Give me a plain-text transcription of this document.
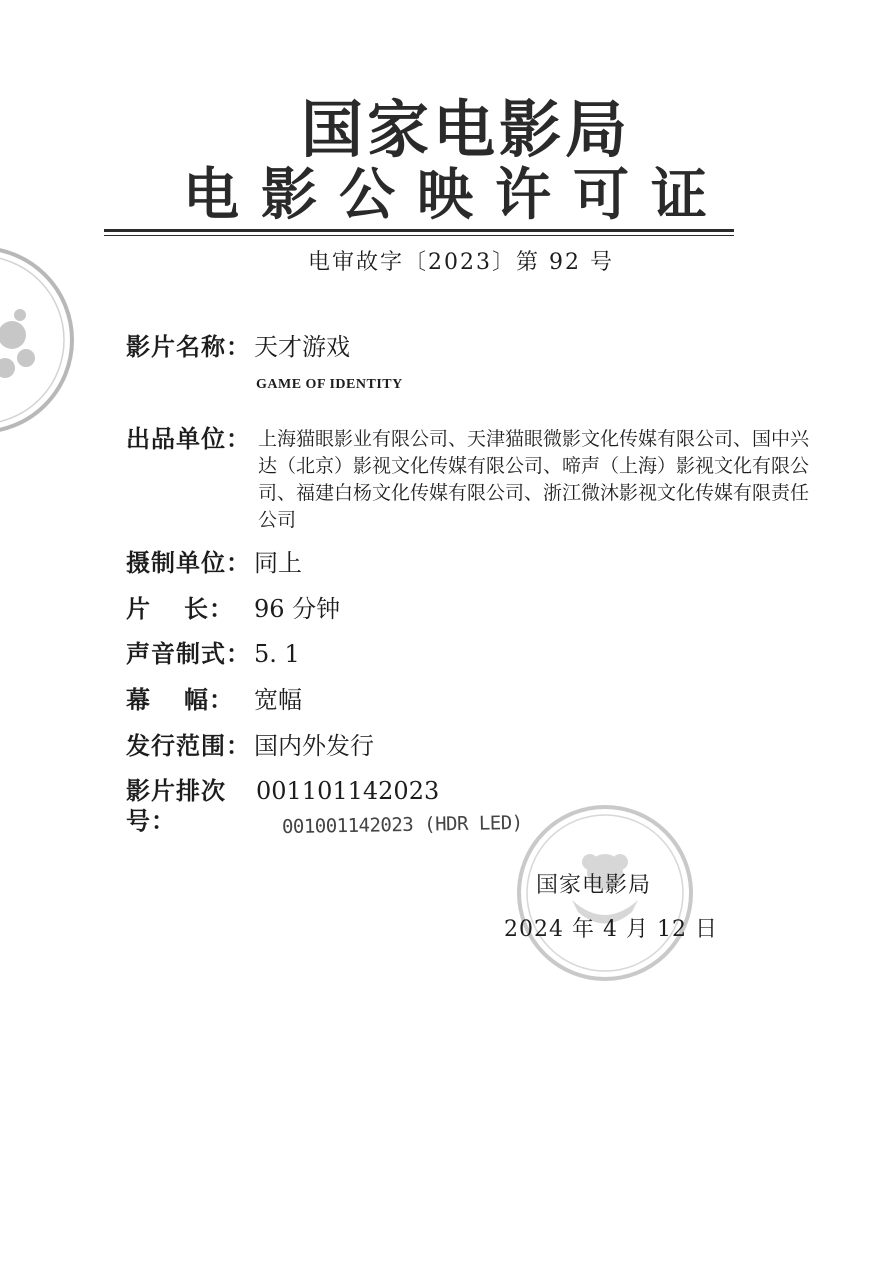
国家电影局
电影公映许可证
电审故字〔2023〕第 92 号
影片名称： 天才游戏
GAME OF IDENTITY
出品单位： 上海猫眼影业有限公司、天津猫眼微影文化传媒有限公司、国中兴达（北京）影视文化传媒有限公司、啼声（上海）影视文化有限公司、福建白杨文化传媒有限公司、浙江微沐影视文化传媒有限责任公司
摄制单位： 同上
片 长： 96 分钟
声音制式： 5. 1
幕 幅： 宽幅
发行范围： 国内外发行
影片排次号：001101142023
001001142023 (HDR LED)
国家电影局
2024 年 4 月 12 日
